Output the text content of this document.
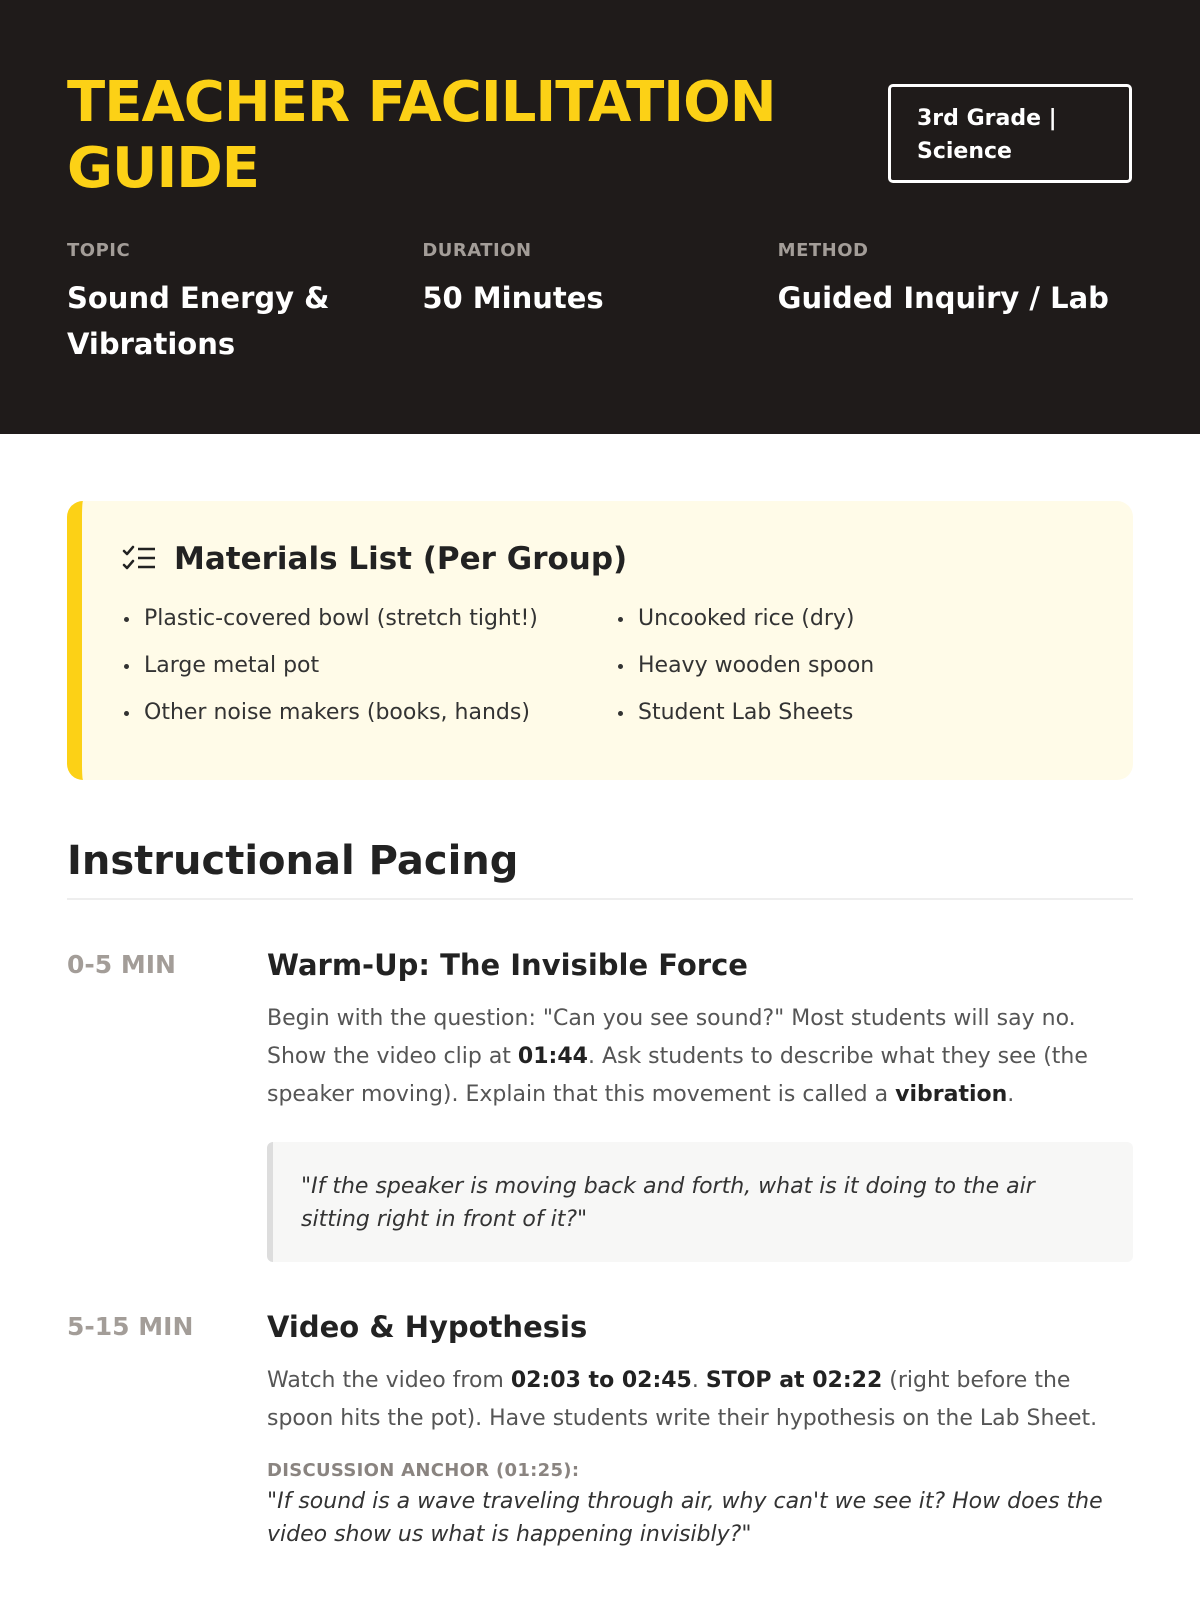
TEACHER FACILITATION GUIDE
3rd Grade | Science
TOPIC
Sound Energy & Vibrations
DURATION
50 Minutes
METHOD
Guided Inquiry / Lab
Materials List (Per Group)
Plastic-covered bowl (stretch tight!)	Uncooked rice (dry)
Large metal pot	Heavy wooden spoon
Other noise makers (books, hands)	Student Lab Sheets
Instructional Pacing
0-5 MIN	Warm-Up: The Invisible Force
Begin with the question: "Can you see sound?" Most students will say no. Show the video clip at 01:44. Ask students to describe what they see (the speaker moving). Explain that this movement is called a vibration.
"If the speaker is moving back and forth, what is it doing to the air sitting right in front of it?"
5-15 MIN	Video & Hypothesis
Watch the video from 02:03 to 02:45. STOP at 02:22 (right before the spoon hits the pot). Have students write their hypothesis on the Lab Sheet.
DISCUSSION ANCHOR (01:25):
"If sound is a wave traveling through air, why can't we see it? How does the video show us what is happening invisibly?"
